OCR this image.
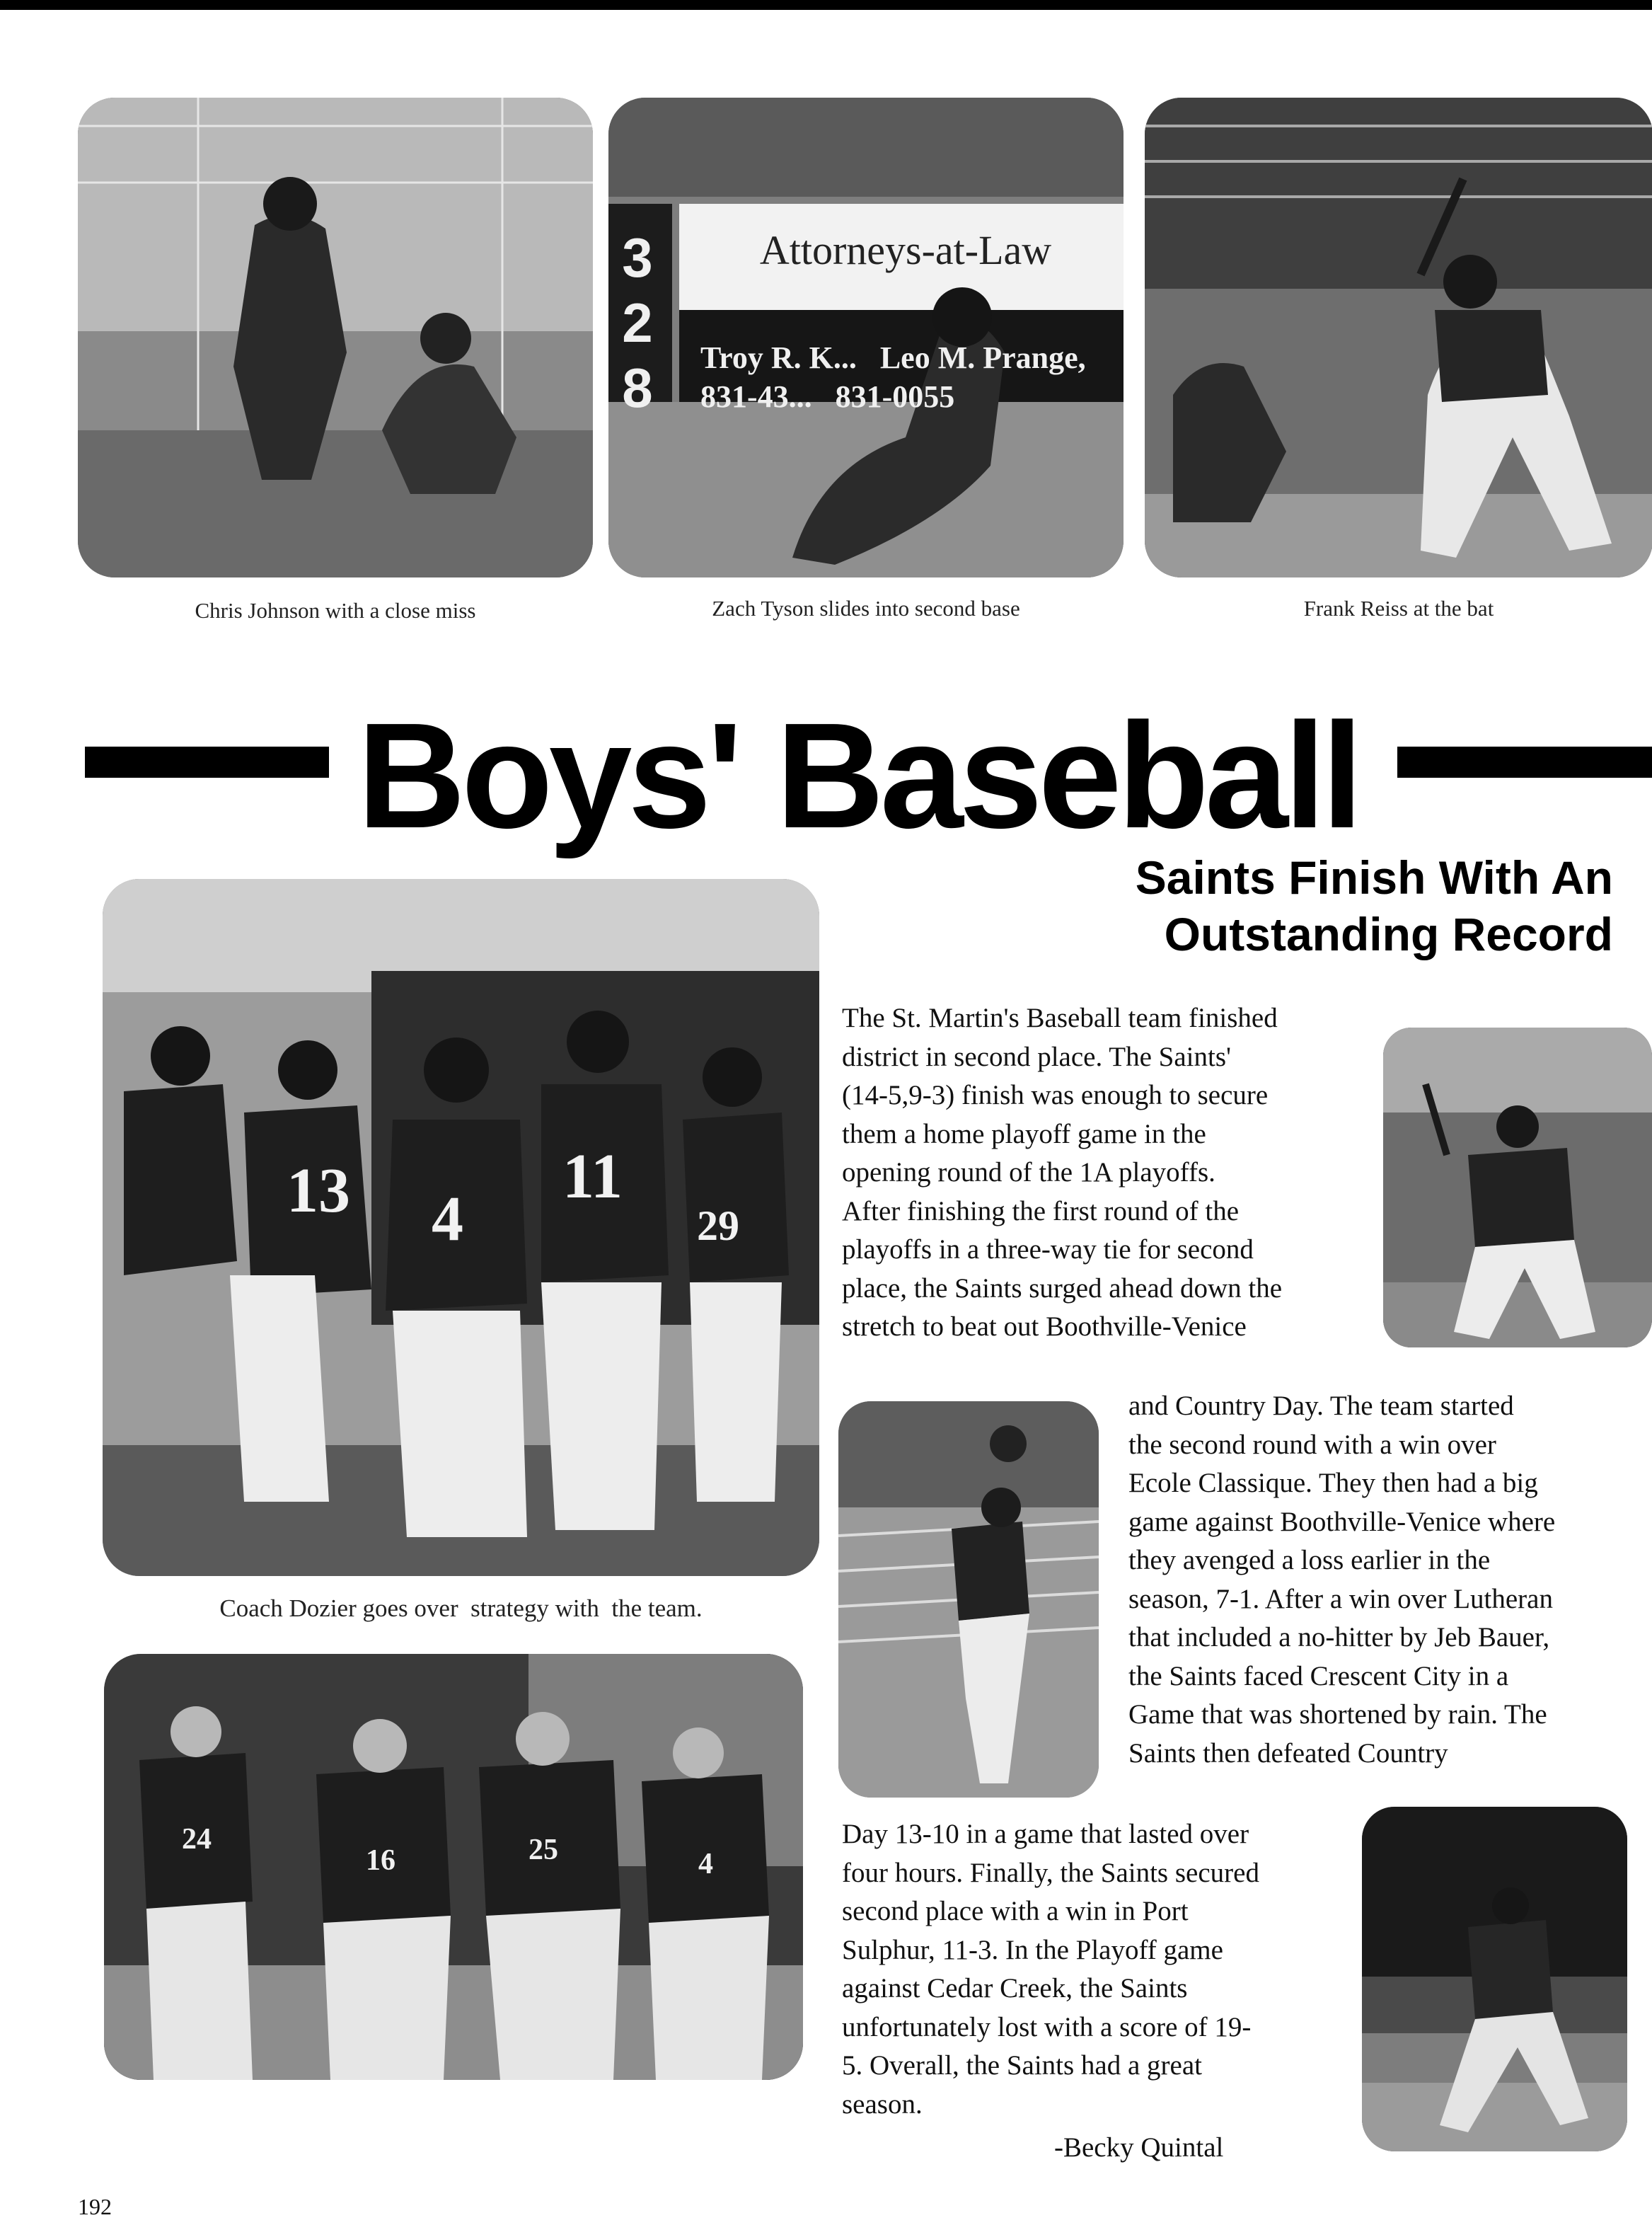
Chris Johnson with a close miss	Zach Tyson slides into second base	Frank Reiss at the bat
Boys' Baseball
Saints Finish With An
Outstanding Record
13 4
11
29
Coach Dozier goes over  strategy with  the team.
24
16	25	4
The St. Martin's Baseball team finished
district in second place. The Saints'
(14-5,9-3) finish was enough to secure
them a home playoff game in the
opening round of the 1A playoffs.
After finishing the first round of the
playoffs in a three-way tie for second
place, the Saints surged ahead down the
stretch to beat out Boothville-Venice
and Country Day. The team started
the second round with a win over
Ecole Classique. They then had a big
game against Boothville-Venice where
they avenged a loss earlier in the
season, 7-1. After a win over Lutheran
that included a no-hitter by Jeb Bauer,
the Saints faced Crescent City in a
Game that was shortened by rain. The
Saints then defeated Country
Day 13-10 in a game that lasted over
four hours. Finally, the Saints secured
second place with a win in Port
Sulphur, 11-3. In the Playoff game
against Cedar Creek, the Saints
unfortunately lost with a score of 19-
5. Overall, the Saints had a great
season.
-Becky Quintal
192
Attorneys-at-Law
Troy R. K...   Leo M. Prange,
831-43...   831-0055
3
2
8
